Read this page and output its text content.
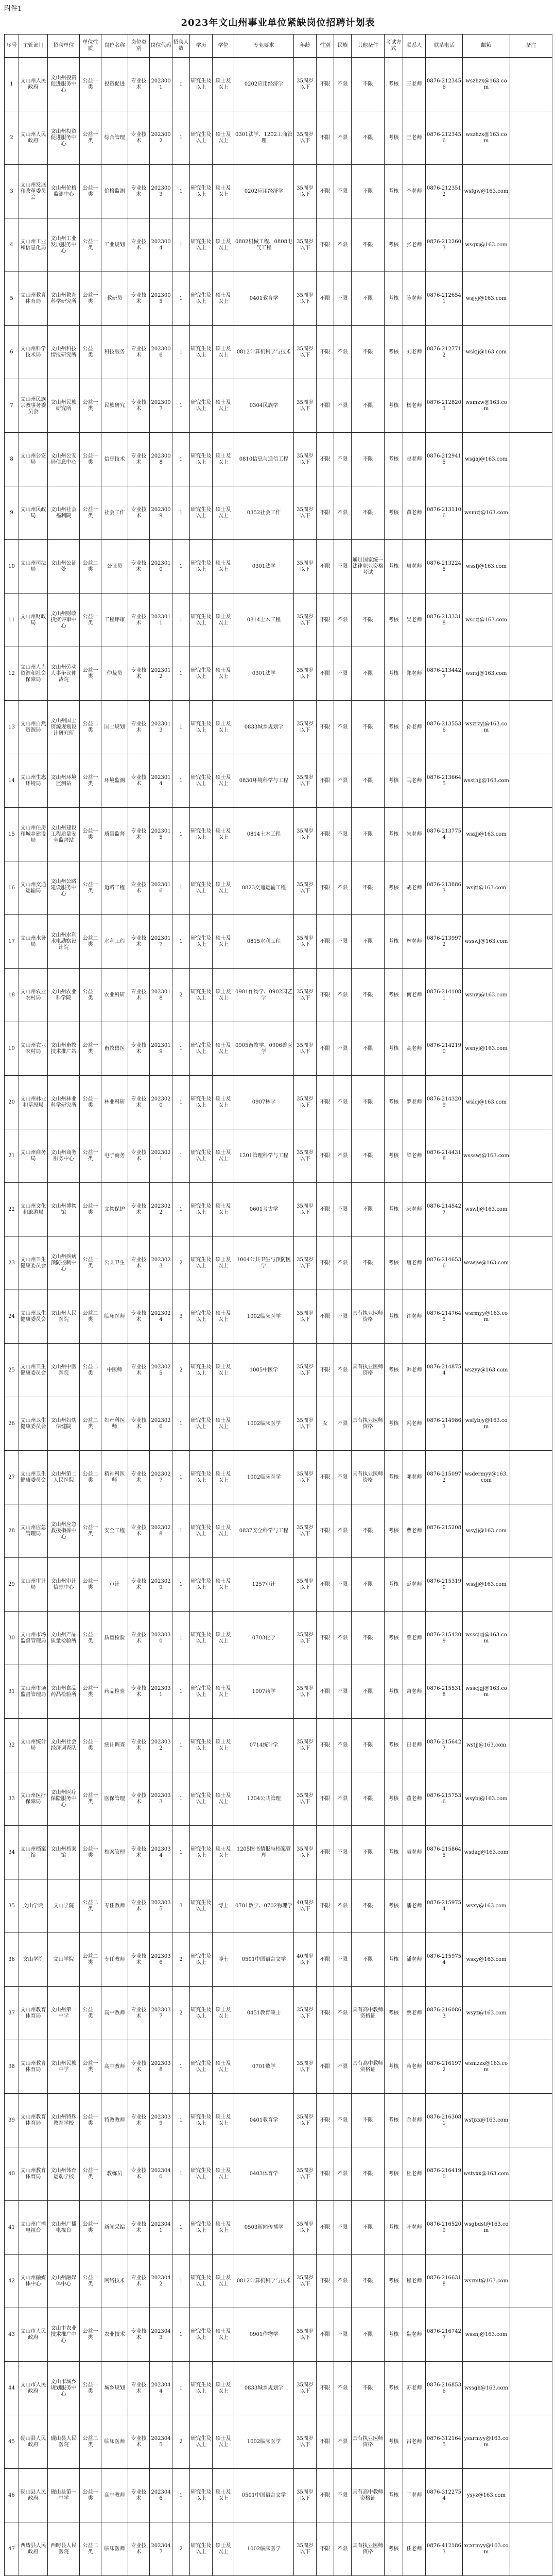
附件1
2023年文山州事业单位紧缺岗位招聘计划表
序号	主管部门	招聘单位	单位性质	岗位名称	岗位类别	岗位代码	招聘人数	学历	学位	专业要求	年龄	性别	民族	其他条件	考试方式	联系人	联系电话	邮箱	备注
1	文山州人民政府	文山州投资促进服务中心	公益一类	投资促进	专业技术	2023001	1	研究生及以上	硕士及以上	0202应用经济学	35周岁以下	不限	不限	不限	考核	王老师	0876-2123456	wszhzx@163.com	
2	文山州人民政府	文山州投资促进服务中心	公益一类	综合管理	专业技术	2023002	1	研究生及以上	硕士及以上	0301法学、1202工商管理	35周岁以下	不限	不限	不限	考核	王老师	0876-2123456	wszhzx@163.com	
3	文山州发展和改革委员会	文山州价格监测中心	公益一类	价格监测	专业技术	2023003	1	研究生及以上	硕士及以上	0202应用经济学	35周岁以下	不限	不限	不限	考核	李老师	0876-2123512	wsfgw@163.com	
4	文山州工业和信息化局	文山州工业发展服务中心	公益一类	工业规划	专业技术	2023004	1	研究生及以上	硕士及以上	0802机械工程、0808电气工程	35周岁以下	不限	不限	不限	考核	张老师	0876-2122603	wsgxj@163.com	
5	文山州教育体育局	文山州教育科学研究所	公益一类	教研员	专业技术	2023005	1	研究生及以上	硕士及以上	0401教育学	35周岁以下	不限	不限	不限	考核	陈老师	0876-2126541	wsjyj@163.com	
6	文山州科学技术局	文山州科技情报研究所	公益一类	科技服务	专业技术	2023006	1	研究生及以上	硕士及以上	0812计算机科学与技术	35周岁以下	不限	不限	不限	考核	刘老师	0876-2127712	wskjj@163.com	
7	文山州民族宗教事务委员会	文山州民族研究所	公益一类	民族研究	专业技术	2023007	1	研究生及以上	硕士及以上	0304民族学	35周岁以下	不限	不限	不限	考核	杨老师	0876-2128203	wsmzw@163.com	
8	文山州公安局	文山州公安局信息中心	公益一类	信息技术	专业技术	2023008	1	研究生及以上	硕士及以上	0810信息与通信工程	35周岁以下	不限	不限	不限	考核	赵老师	0876-2129415	wsgaj@163.com	
9	文山州民政局	文山州社会福利院	公益一类	社会工作	专业技术	2023009	1	研究生及以上	硕士及以上	0352社会工作	35周岁以下	不限	不限	不限	考核	黄老师	0876-2131106	wsmzj@163.com	
10	文山州司法局	文山州公证处	公益二类	公证员	专业技术	2023010	1	研究生及以上	硕士及以上	0301法学	35周岁以下	不限	不限	通过国家统一法律职业资格考试	考核	周老师	0876-2132245	wssfj@163.com	
11	文山州财政局	文山州财政投资评审中心	公益一类	工程评审	专业技术	2023011	1	研究生及以上	硕士及以上	0814土木工程	35周岁以下	不限	不限	不限	考核	吴老师	0876-2133318	wsczj@163.com	
12	文山州人力资源和社会保障局	文山州劳动人事争议仲裁院	公益一类	仲裁员	专业技术	2023012	1	研究生及以上	硕士及以上	0301法学	35周岁以下	不限	不限	不限	考核	郑老师	0876-2134427	wsrsj@163.com	
13	文山州自然资源局	文山州国土资源规划设计研究所	公益二类	国土规划	专业技术	2023013	1	研究生及以上	硕士及以上	0833城乡规划学	35周岁以下	不限	不限	不限	考核	孙老师	0876-2135536	wszrzyj@163.com	
14	文山州生态环境局	文山州环境监测站	公益一类	环境监测	专业技术	2023014	1	研究生及以上	硕士及以上	0830环境科学与工程	35周岁以下	不限	不限	不限	考核	马老师	0876-2136645	wssthjj@163.com	
15	文山州住房和城乡建设局	文山州建设工程质量安全监督站	公益一类	质量监督	专业技术	2023015	1	研究生及以上	硕士及以上	0814土木工程	35周岁以下	不限	不限	不限	考核	朱老师	0876-2137754	wszjj@163.com	
16	文山州交通运输局	文山州公路建设服务中心	公益一类	道路工程	专业技术	2023016	1	研究生及以上	硕士及以上	0823交通运输工程	35周岁以下	不限	不限	不限	考核	胡老师	0876-2138863	wsjtj@163.com	
17	文山州水务局	文山州水利水电勘察设计院	公益二类	水利工程	专业技术	2023017	1	研究生及以上	硕士及以上	0815水利工程	35周岁以下	不限	不限	不限	考核	林老师	0876-2139972	wsswj@163.com	
18	文山州农业农村局	文山州农业科学院	公益一类	农业科研	专业技术	2023018	2	研究生及以上	硕士及以上	0901作物学、0902园艺学	35周岁以下	不限	不限	不限	考核	何老师	0876-2141081	wsnyj@163.com	
19	文山州农业农村局	文山州畜牧技术推广站	公益一类	畜牧兽医	专业技术	2023019	1	研究生及以上	硕士及以上	0905畜牧学、0906兽医学	35周岁以下	不限	不限	不限	考核	高老师	0876-2142190	wsnyj@163.com	
20	文山州林业和草原局	文山州林业科学研究所	公益一类	林业科研	专业技术	2023020	1	研究生及以上	硕士及以上	0907林学	35周岁以下	不限	不限	不限	考核	罗老师	0876-2143209	wslcj@163.com	
21	文山州商务局	文山州商务服务中心	公益一类	电子商务	专业技术	2023021	1	研究生及以上	硕士及以上	1201管理科学与工程	35周岁以下	不限	不限	不限	考核	梁老师	0876-2144318	wssswj@163.com	
22	文山州文化和旅游局	文山州博物馆	公益一类	文物保护	专业技术	2023022	1	研究生及以上	硕士及以上	0601考古学	35周岁以下	不限	不限	不限	考核	宋老师	0876-2145427	wswlj@163.com	
23	文山州卫生健康委员会	文山州疾病预防控制中心	公益一类	公共卫生	专业技术	2023023	2	研究生及以上	硕士及以上	1004公共卫生与预防医学	35周岁以下	不限	不限	不限	考核	唐老师	0876-2146536	wswjw@163.com	
24	文山州卫生健康委员会	文山州人民医院	公益二类	临床医师	专业技术	2023024	3	研究生及以上	硕士及以上	1002临床医学	35周岁以下	不限	不限	具有执业医师资格	考核	许老师	0876-2147645	wsrmyy@163.com	
25	文山州卫生健康委员会	文山州中医医院	公益二类	中医师	专业技术	2023025	2	研究生及以上	硕士及以上	1005中医学	35周岁以下	不限	不限	具有执业医师资格	考核	韩老师	0876-2148754	wszyy@163.com	
26	文山州卫生健康委员会	文山州妇幼保健院	公益二类	妇产科医师	专业技术	2023026	1	研究生及以上	硕士及以上	1002临床医学	35周岁以下	女	不限	具有执业医师资格	考核	冯老师	0876-2149863	wsfybjy@163.com	
27	文山州卫生健康委员会	文山州第二人民医院	公益二类	精神科医师	专业技术	2023027	1	研究生及以上	硕士及以上	1002临床医学	35周岁以下	不限	不限	具有执业医师资格	考核	邓老师	0876-2150972	wsdermyy@163.com	
28	文山州应急管理局	文山州应急救援指挥中心	公益一类	安全工程	专业技术	2023028	1	研究生及以上	硕士及以上	0837安全科学与工程	35周岁以下	不限	不限	不限	考核	曹老师	0876-2152081	wsyjj@163.com	
29	文山州审计局	文山州审计信息中心	公益一类	审计	专业技术	2023029	1	研究生及以上	硕士及以上	1257审计	35周岁以下	不限	不限	不限	考核	彭老师	0876-2153190	wssjj@163.com	
30	文山州市场监督管理局	文山州产品质量检验所	公益一类	质量检验	专业技术	2023030	1	研究生及以上	硕士及以上	0703化学	35周岁以下	不限	不限	不限	考核	曾老师	0876-2154209	wsscjgj@163.com	
31	文山州市场监督管理局	文山州食品药品检验所	公益一类	药品检验	专业技术	2023031	1	研究生及以上	硕士及以上	1007药学	35周岁以下	不限	不限	不限	考核	萧老师	0876-2155318	wsscjgj@163.com	
32	文山州统计局	文山州社会经济调查队	公益一类	统计调查	专业技术	2023032	1	研究生及以上	硕士及以上	0714统计学	35周岁以下	不限	不限	不限	考核	田老师	0876-2156427	wstjj@163.com	
33	文山州医疗保障局	文山州医疗保险服务中心	公益一类	医保管理	专业技术	2023033	1	研究生及以上	硕士及以上	1204公共管理	35周岁以下	不限	不限	不限	考核	董老师	0876-2157536	wsybj@163.com	
34	文山州档案馆	文山州档案馆	公益一类	档案管理	专业技术	2023034	1	研究生及以上	硕士及以上	1205图书情报与档案管理	35周岁以下	不限	不限	不限	考核	袁老师	0876-2158645	wsdag@163.com	
35	文山学院	文山学院	公益二类	专任教师	专业技术	2023035	3	研究生及以上	博士	0701数学、0702物理学	40周岁以下	不限	不限	不限	考核	潘老师	0876-2159754	wsxy@163.com	
36	文山学院	文山学院	公益二类	专任教师	专业技术	2023036	2	研究生及以上	博士	0501中国语言文学	40周岁以下	不限	不限	不限	考核	潘老师	0876-2159754	wsxy@163.com	
37	文山州教育体育局	文山州第一中学	公益一类	高中教师	专业技术	2023037	2	研究生及以上	硕士及以上	0451教育硕士	35周岁以下	不限	不限	具有高中教师资格证	考核	蔡老师	0876-2160863	wsyz@163.com	
38	文山州教育体育局	文山州民族中学	公益一类	高中教师	专业技术	2023038	1	研究生及以上	硕士及以上	0701数学	35周岁以下	不限	不限	具有高中教师资格证	考核	蒋老师	0876-2161972	wsmzzx@163.com	
39	文山州教育体育局	文山州特殊教育学校	公益一类	特教教师	专业技术	2023039	1	研究生及以上	硕士及以上	0401教育学	35周岁以下	不限	不限	不限	考核	余老师	0876-2163081	wstjxx@163.com	
40	文山州教育体育局	文山州体育运动学校	公益一类	教练员	专业技术	2023040	1	研究生及以上	硕士及以上	0403体育学	35周岁以下	不限	不限	不限	考核	杜老师	0876-2164190	wstyxx@163.com	
41	文山州广播电视台	文山州广播电视台	公益一类	新闻采编	专业技术	2023041	1	研究生及以上	硕士及以上	0503新闻传播学	35周岁以下	不限	不限	不限	考核	叶老师	0876-2165209	wsgbdst@163.com	
42	文山州融媒体中心	文山州融媒体中心	公益一类	网络技术	专业技术	2023042	1	研究生及以上	硕士及以上	0812计算机科学与技术	35周岁以下	不限	不限	不限	考核	程老师	0876-2166318	wsrmt@163.com	
43	文山市人民政府	文山市农业技术推广中心	公益一类	农业技术	专业技术	2023043	1	研究生及以上	硕士及以上	0901作物学	35周岁以下	不限	不限	不限	考核	魏老师	0876-2167427	wssnj@163.com	
44	文山市人民政府	文山市城乡规划服务中心	公益一类	城乡规划	专业技术	2023044	1	研究生及以上	硕士及以上	0833城乡规划学	35周岁以下	不限	不限	不限	考核	苏老师	0876-2168536	wssgh@163.com	
45	砚山县人民政府	砚山县人民医院	公益二类	临床医师	专业技术	2023045	2	研究生及以上	硕士及以上	1002临床医学	35周岁以下	不限	不限	具有执业医师资格	考核	吕老师	0876-3121645	ysxrmyy@163.com	
46	砚山县人民政府	砚山县第一中学	公益一类	高中教师	专业技术	2023046	1	研究生及以上	硕士及以上	0501中国语言文学	35周岁以下	不限	不限	具有高中教师资格证	考核	丁老师	0876-3122754	ysyz@163.com	
47	西畴县人民政府	西畴县人民医院	公益二类	临床医师	专业技术	2023047	2	研究生及以上	硕士及以上	1002临床医学	35周岁以下	不限	不限	具有执业医师资格	考核	任老师	0876-4121863	xcxrmyy@163.com	
